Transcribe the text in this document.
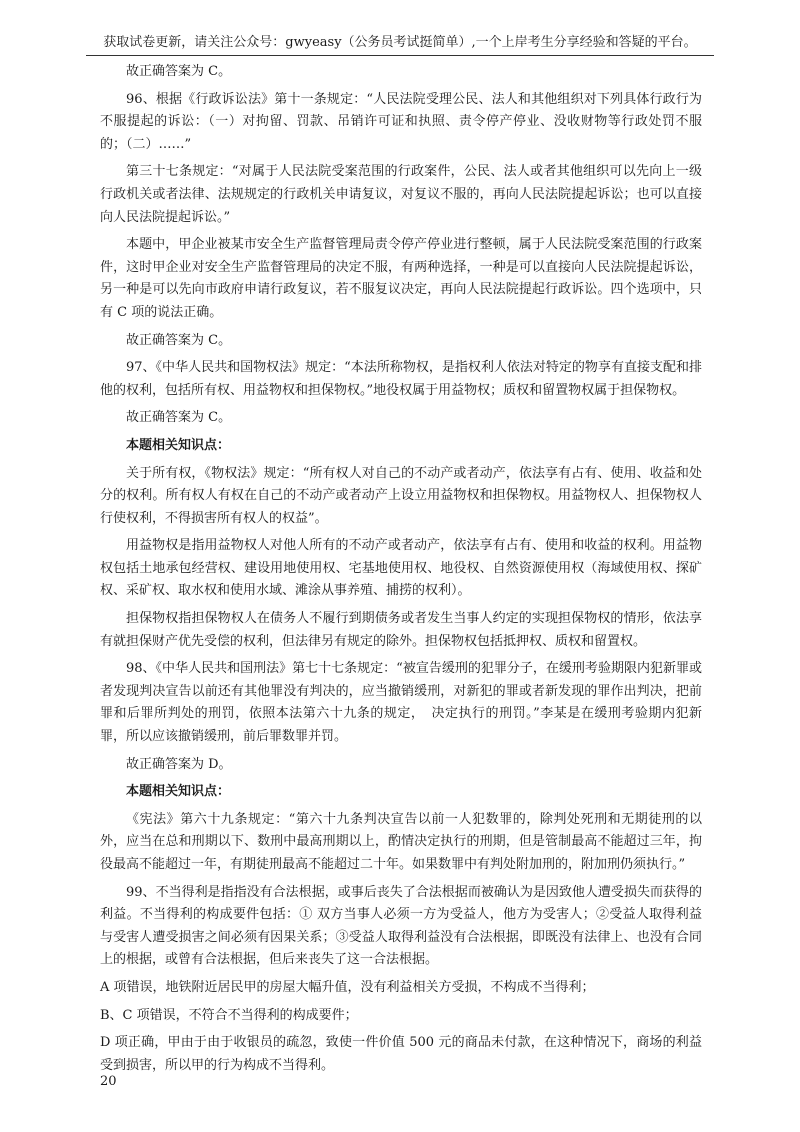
获取试卷更新，请关注公众号：gwyeasy（公务员考试挺简单）,一个上岸考生分享经验和答疑的平台。

故正确答案为 C。

96、根据《行政诉讼法》第十一条规定：“人民法院受理公民、法人和其他组织对下列具体行政行为不服提起的诉讼：（一）对拘留、罚款、吊销许可证和执照、责令停产停业、没收财物等行政处罚不服的；（二）……”

第三十七条规定：“对属于人民法院受案范围的行政案件，公民、法人或者其他组织可以先向上一级行政机关或者法律、法规规定的行政机关申请复议，对复议不服的，再向人民法院提起诉讼；也可以直接向人民法院提起诉讼。”

本题中，甲企业被某市安全生产监督管理局责令停产停业进行整顿，属于人民法院受案范围的行政案件，这时甲企业对安全生产监督管理局的决定不服，有两种选择，一种是可以直接向人民法院提起诉讼，另一种是可以先向市政府申请行政复议，若不服复议决定，再向人民法院提起行政诉讼。四个选项中，只有 C 项的说法正确。

故正确答案为 C。

97、《中华人民共和国物权法》规定：“本法所称物权，是指权利人依法对特定的物享有直接支配和排他的权利，包括所有权、用益物权和担保物权。”地役权属于用益物权；质权和留置物权属于担保物权。

故正确答案为 C。

本题相关知识点：

关于所有权，《物权法》规定：“所有权人对自己的不动产或者动产，依法享有占有、使用、收益和处分的权利。所有权人有权在自己的不动产或者动产上设立用益物权和担保物权。用益物权人、担保物权人行使权利，不得损害所有权人的权益”。

用益物权是指用益物权人对他人所有的不动产或者动产，依法享有占有、使用和收益的权利。用益物权包括土地承包经营权、建设用地使用权、宅基地使用权、地役权、自然资源使用权（海域使用权、探矿权、采矿权、取水权和使用水域、滩涂从事养殖、捕捞的权利）。

担保物权指担保物权人在债务人不履行到期债务或者发生当事人约定的实现担保物权的情形，依法享有就担保财产优先受偿的权利，但法律另有规定的除外。担保物权包括抵押权、质权和留置权。

98、《中华人民共和国刑法》第七十七条规定：“被宣告缓刑的犯罪分子，在缓刑考验期限内犯新罪或者发现判决宣告以前还有其他罪没有判决的，应当撤销缓刑，对新犯的罪或者新发现的罪作出判决，把前罪和后罪所判处的刑罚，依照本法第六十九条的规定，　决定执行的刑罚。”李某是在缓刑考验期内犯新罪，所以应该撤销缓刑，前后罪数罪并罚。

故正确答案为 D。

本题相关知识点：

《宪法》第六十九条规定：“第六十九条判决宣告以前一人犯数罪的，除判处死刑和无期徒刑的以外，应当在总和刑期以下、数刑中最高刑期以上，酌情决定执行的刑期，但是管制最高不能超过三年，拘役最高不能超过一年，有期徒刑最高不能超过二十年。如果数罪中有判处附加刑的，附加刑仍须执行。”

99、不当得利是指指没有合法根据，或事后丧失了合法根据而被确认为是因致他人遭受损失而获得的利益。不当得利的构成要件包括：① 双方当事人必须一方为受益人，他方为受害人；②受益人取得利益与受害人遭受损害之间必须有因果关系；③受益人取得利益没有合法根据，即既没有法律上、也没有合同上的根据，或曾有合法根据，但后来丧失了这一合法根据。

A 项错误，地铁附近居民甲的房屋大幅升值，没有利益相关方受损，不构成不当得利；

B、C 项错误，不符合不当得利的构成要件；

D 项正确，甲由于由于收银员的疏忽，致使一件价值 500 元的商品未付款，在这种情况下，商场的利益受到损害，所以甲的行为构成不当得利。

20
